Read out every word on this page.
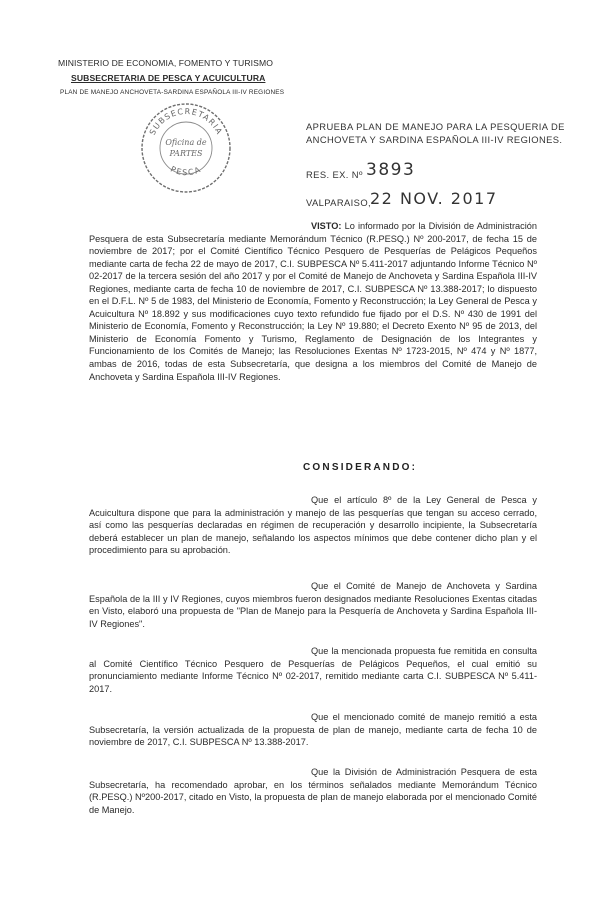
MINISTERIO DE ECONOMIA, FOMENTO Y TURISMO
SUBSECRETARIA DE PESCA Y ACUICULTURA
PLAN DE MANEJO ANCHOVETA-SARDINA ESPAÑOLA III-IV REGIONES
SUBSECRETARIA
PESCA
Oficina de
PARTES
APRUEBA PLAN DE MANEJO PARA LA PESQUERIA DE
ANCHOVETA Y SARDINA ESPAÑOLA III-IV REGIONES.
RES. EX. Nº 3893
VALPARAISO,
22 NOV. 2017
VISTO: Lo informado por la División de Administración Pesquera de esta Subsecretaría mediante Memorándum Técnico (R.PESQ.) Nº 200-2017, de fecha 15 de noviembre de 2017; por el Comité Científico Técnico Pesquero de Pesquerías de Pelágicos Pequeños mediante carta de fecha 22 de mayo de 2017, C.I. SUBPESCA Nº 5.411-2017 adjuntando Informe Técnico Nº 02-2017 de la tercera sesión del año 2017 y por el Comité de Manejo de Anchoveta y Sardina Española III-IV Regiones, mediante carta de fecha 10 de noviembre de 2017, C.I. SUBPESCA Nº 13.388-2017; lo dispuesto en el D.F.L. Nº 5 de 1983, del Ministerio de Economía, Fomento y Reconstrucción; la Ley General de Pesca y Acuicultura Nº 18.892 y sus modificaciones cuyo texto refundido fue fijado por el D.S. Nº 430 de 1991 del Ministerio de Economía, Fomento y Reconstrucción; la Ley Nº 19.880; el Decreto Exento Nº 95 de 2013, del Ministerio de Economía Fomento y Turismo, Reglamento de Designación de los Integrantes y Funcionamiento de los Comités de Manejo; las Resoluciones Exentas Nº 1723-2015, Nº 474 y Nº 1877, ambas de 2016, todas de esta Subsecretaría, que designa a los miembros del Comité de Manejo de Anchoveta y Sardina Española III-IV Regiones.
CONSIDERANDO:
Que el artículo 8º de la Ley General de Pesca y Acuicultura dispone que para la administración y manejo de las pesquerías que tengan su acceso cerrado, así como las pesquerías declaradas en régimen de recuperación y desarrollo incipiente, la Subsecretaría deberá establecer un plan de manejo, señalando los aspectos mínimos que debe contener dicho plan y el procedimiento para su aprobación.
Que el Comité de Manejo de Anchoveta y Sardina Española de la III y IV Regiones, cuyos miembros fueron designados mediante Resoluciones Exentas citadas en Visto, elaboró una propuesta de "Plan de Manejo para la Pesquería de Anchoveta y Sardina Española III-IV Regiones".
Que la mencionada propuesta fue remitida en consulta al Comité Científico Técnico Pesquero de Pesquerías de Pelágicos Pequeños, el cual emitió su pronunciamiento mediante Informe Técnico Nº 02-2017, remitido mediante carta C.I. SUBPESCA Nº 5.411-2017.
Que el mencionado comité de manejo remitió a esta Subsecretaría, la versión actualizada de la propuesta de plan de manejo, mediante carta de fecha 10 de noviembre de 2017, C.I. SUBPESCA Nº 13.388-2017.
Que la División de Administración Pesquera de esta Subsecretaría, ha recomendado aprobar, en los términos señalados mediante Memorándum Técnico (R.PESQ.) Nº200-2017, citado en Visto, la propuesta de plan de manejo elaborada por el mencionado Comité de Manejo.
